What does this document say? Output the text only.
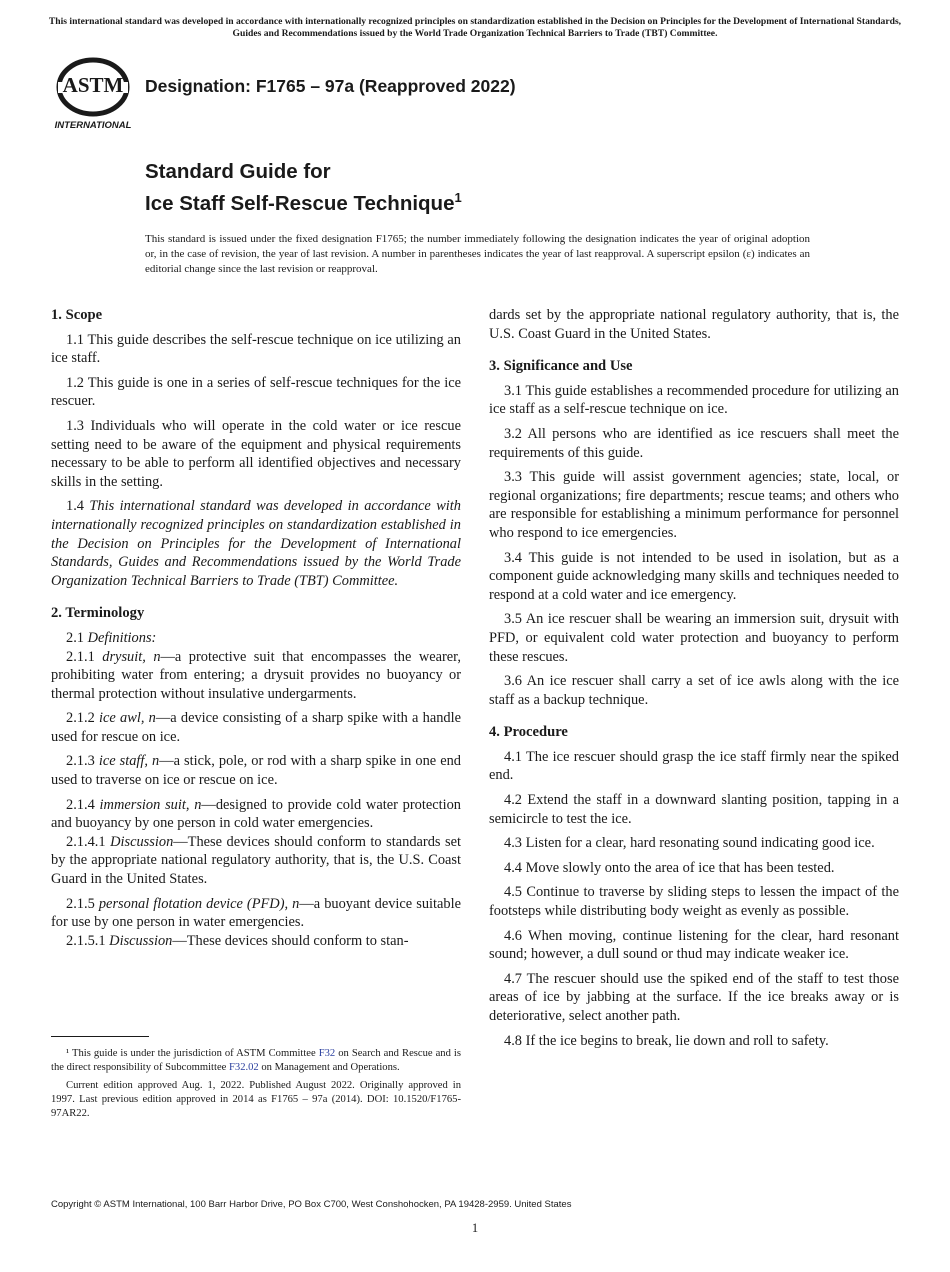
This international standard was developed in accordance with internationally recognized principles on standardization established in the Decision on Principles for the Development of International Standards, Guides and Recommendations issued by the World Trade Organization Technical Barriers to Trade (TBT) Committee.
ASTM
INTERNATIONAL
Designation: F1765 – 97a (Reapproved 2022)
Standard Guide for
Ice Staff Self-Rescue Technique$^1$
This standard is issued under the fixed designation F1765; the number immediately following the designation indicates the year of original adoption or, in the case of revision, the year of last revision. A number in parentheses indicates the year of last reapproval. A superscript epsilon (ε) indicates an editorial change since the last revision or reapproval.
1. Scope

1.1 This guide describes the self-rescue technique on ice utilizing an ice staff.

1.2 This guide is one in a series of self-rescue techniques for the ice rescuer.

1.3 Individuals who will operate in the cold water or ice rescue setting need to be aware of the equipment and physical requirements necessary to be able to perform all identified objectives and necessary skills in the setting.

1.4 This international standard was developed in accordance with internationally recognized principles on standardization established in the Decision on Principles for the Development of International Standards, Guides and Recommendations issued by the World Trade Organization Technical Barriers to Trade (TBT) Committee.

2. Terminology

2.1 Definitions:

2.1.1 drysuit, n—a protective suit that encompasses the wearer, prohibiting water from entering; a drysuit provides no buoyancy or thermal protection without insulative undergarments.

2.1.2 ice awl, n—a device consisting of a sharp spike with a handle used for rescue on ice.

2.1.3 ice staff, n—a stick, pole, or rod with a sharp spike in one end used to traverse on ice or rescue on ice.

2.1.4 immersion suit, n—designed to provide cold water protection and buoyancy by one person in cold water emergencies.

2.1.4.1 Discussion—These devices should conform to standards set by the appropriate national regulatory authority, that is, the U.S. Coast Guard in the United States.

2.1.5 personal flotation device (PFD), n—a buoyant device suitable for use by one person in water emergencies.

2.1.5.1 Discussion—These devices should conform to stan-

¹ This guide is under the jurisdiction of ASTM Committee F32 on Search and Rescue and is the direct responsibility of Subcommittee F32.02 on Management and Operations.

Current edition approved Aug. 1, 2022. Published August 2022. Originally approved in 1997. Last previous edition approved in 2014 as F1765 – 97a (2014). DOI: 10.1520/F1765-97AR22.

dards set by the appropriate national regulatory authority, that is, the U.S. Coast Guard in the United States.

3. Significance and Use

3.1 This guide establishes a recommended procedure for utilizing an ice staff as a self-rescue technique on ice.

3.2 All persons who are identified as ice rescuers shall meet the requirements of this guide.

3.3 This guide will assist government agencies; state, local, or regional organizations; fire departments; rescue teams; and others who are responsible for establishing a minimum performance for personnel who respond to ice emergencies.

3.4 This guide is not intended to be used in isolation, but as a component guide acknowledging many skills and techniques needed to respond at a cold water and ice emergency.

3.5 An ice rescuer shall be wearing an immersion suit, drysuit with PFD, or equivalent cold water protection and buoyancy to perform these rescues.

3.6 An ice rescuer shall carry a set of ice awls along with the ice staff as a backup technique.

4. Procedure

4.1 The ice rescuer should grasp the ice staff firmly near the spiked end.

4.2 Extend the staff in a downward slanting position, tapping in a semicircle to test the ice.

4.3 Listen for a clear, hard resonating sound indicating good ice.

4.4 Move slowly onto the area of ice that has been tested.

4.5 Continue to traverse by sliding steps to lessen the impact of the footsteps while distributing body weight as evenly as possible.

4.6 When moving, continue listening for the clear, hard resonant sound; however, a dull sound or thud may indicate weaker ice.

4.7 The rescuer should use the spiked end of the staff to test those areas of ice by jabbing at the surface. If the ice breaks away or is deteriorative, select another path.

4.8 If the ice begins to break, lie down and roll to safety.

Copyright © ASTM International, 100 Barr Harbor Drive, PO Box C700, West Conshohocken, PA 19428-2959. United States
1
